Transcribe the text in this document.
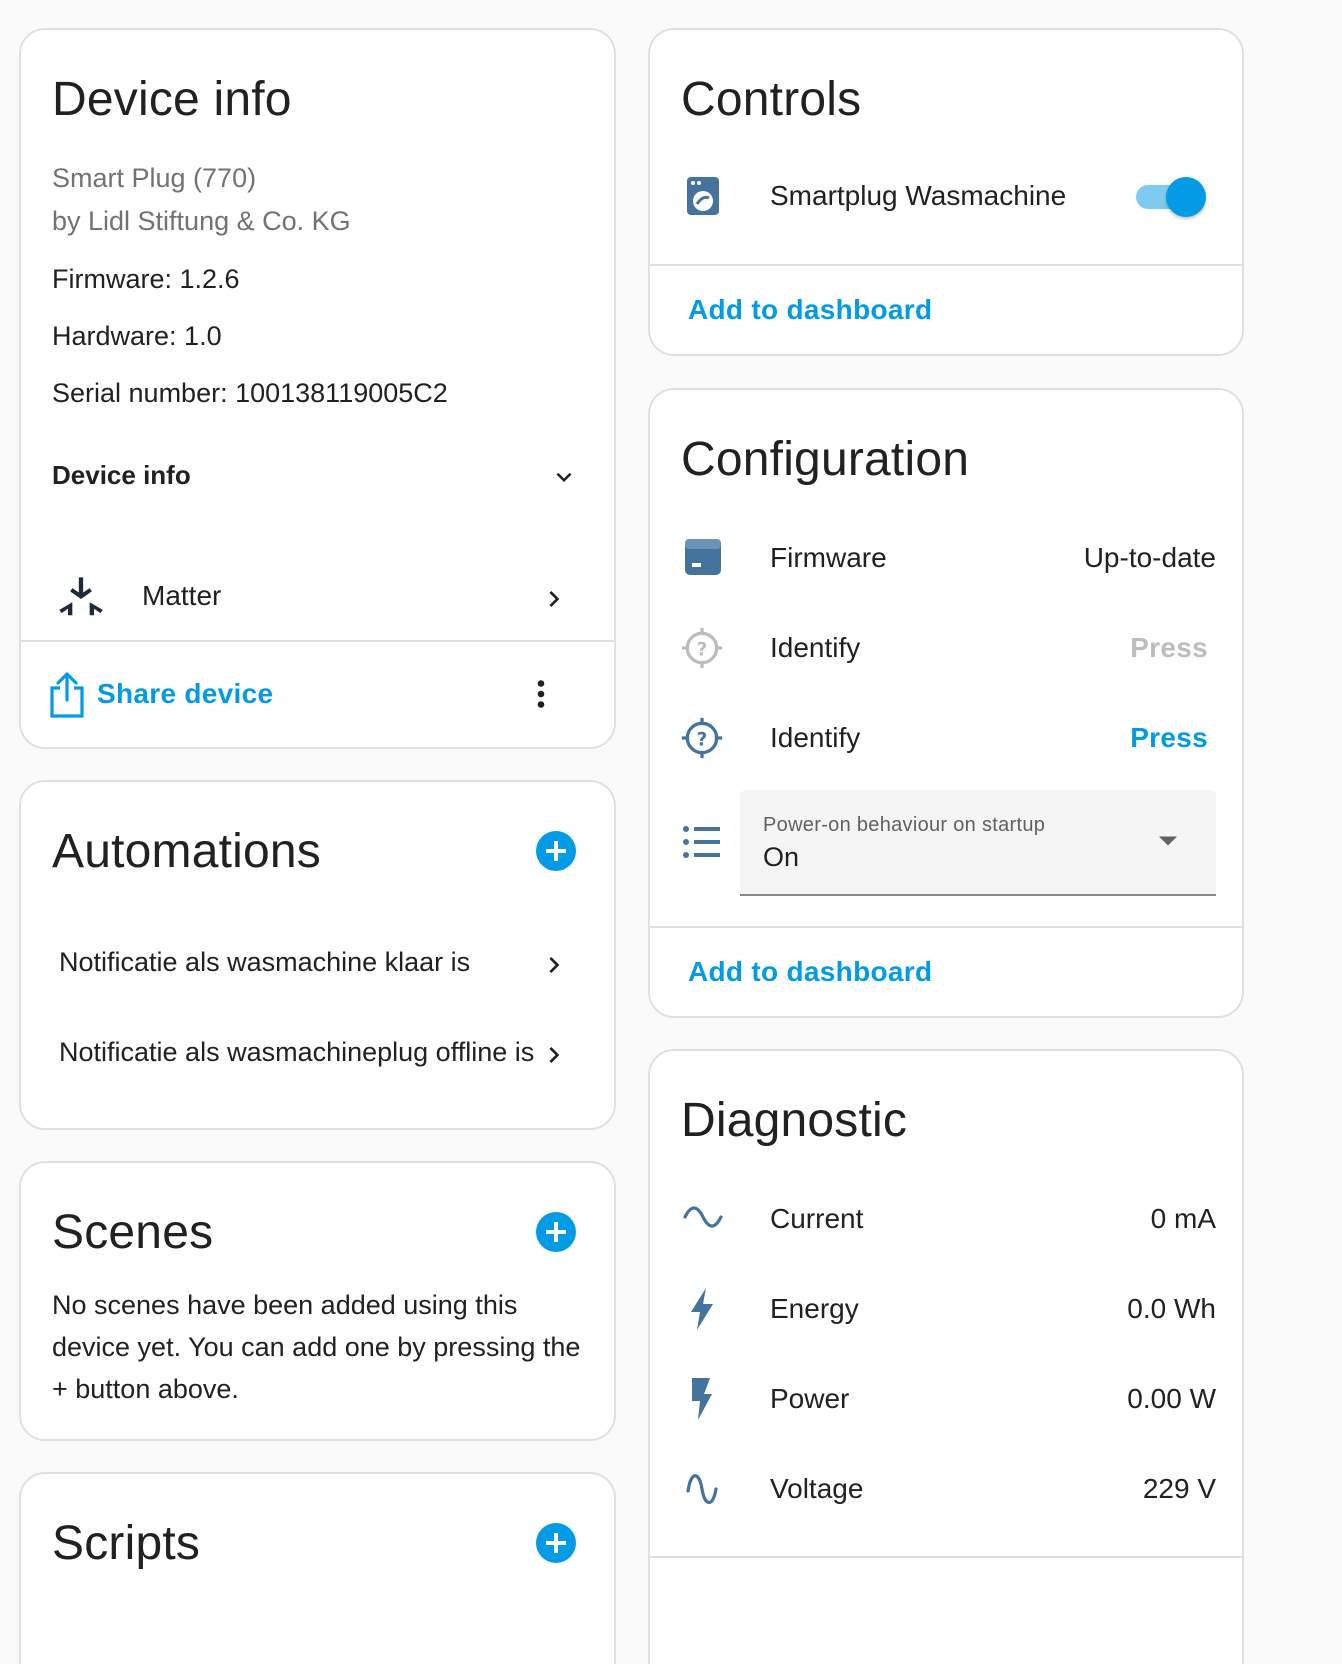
Device info
Smart Plug (770)
by Lidl Stiftung & Co. KG
Firmware: 1.2.6
Hardware: 1.0
Serial number: 100138119005C2
Device info
Matter
Share device
Automations
Notificatie als wasmachine klaar is
Notificatie als wasmachineplug offline is
Scenes
No scenes have been added using this device yet. You can add one by pressing the + button above.
Scripts
Controls
Smartplug Wasmachine
Add to dashboard
Configuration
Firmware	Up-to-date
? Identify	Press
? Identify	Press
Power-on behaviour on startup
On
Add to dashboard
Diagnostic
Current	0 mA
Energy	0.0 Wh
Power	0.00 W
Voltage	229 V
